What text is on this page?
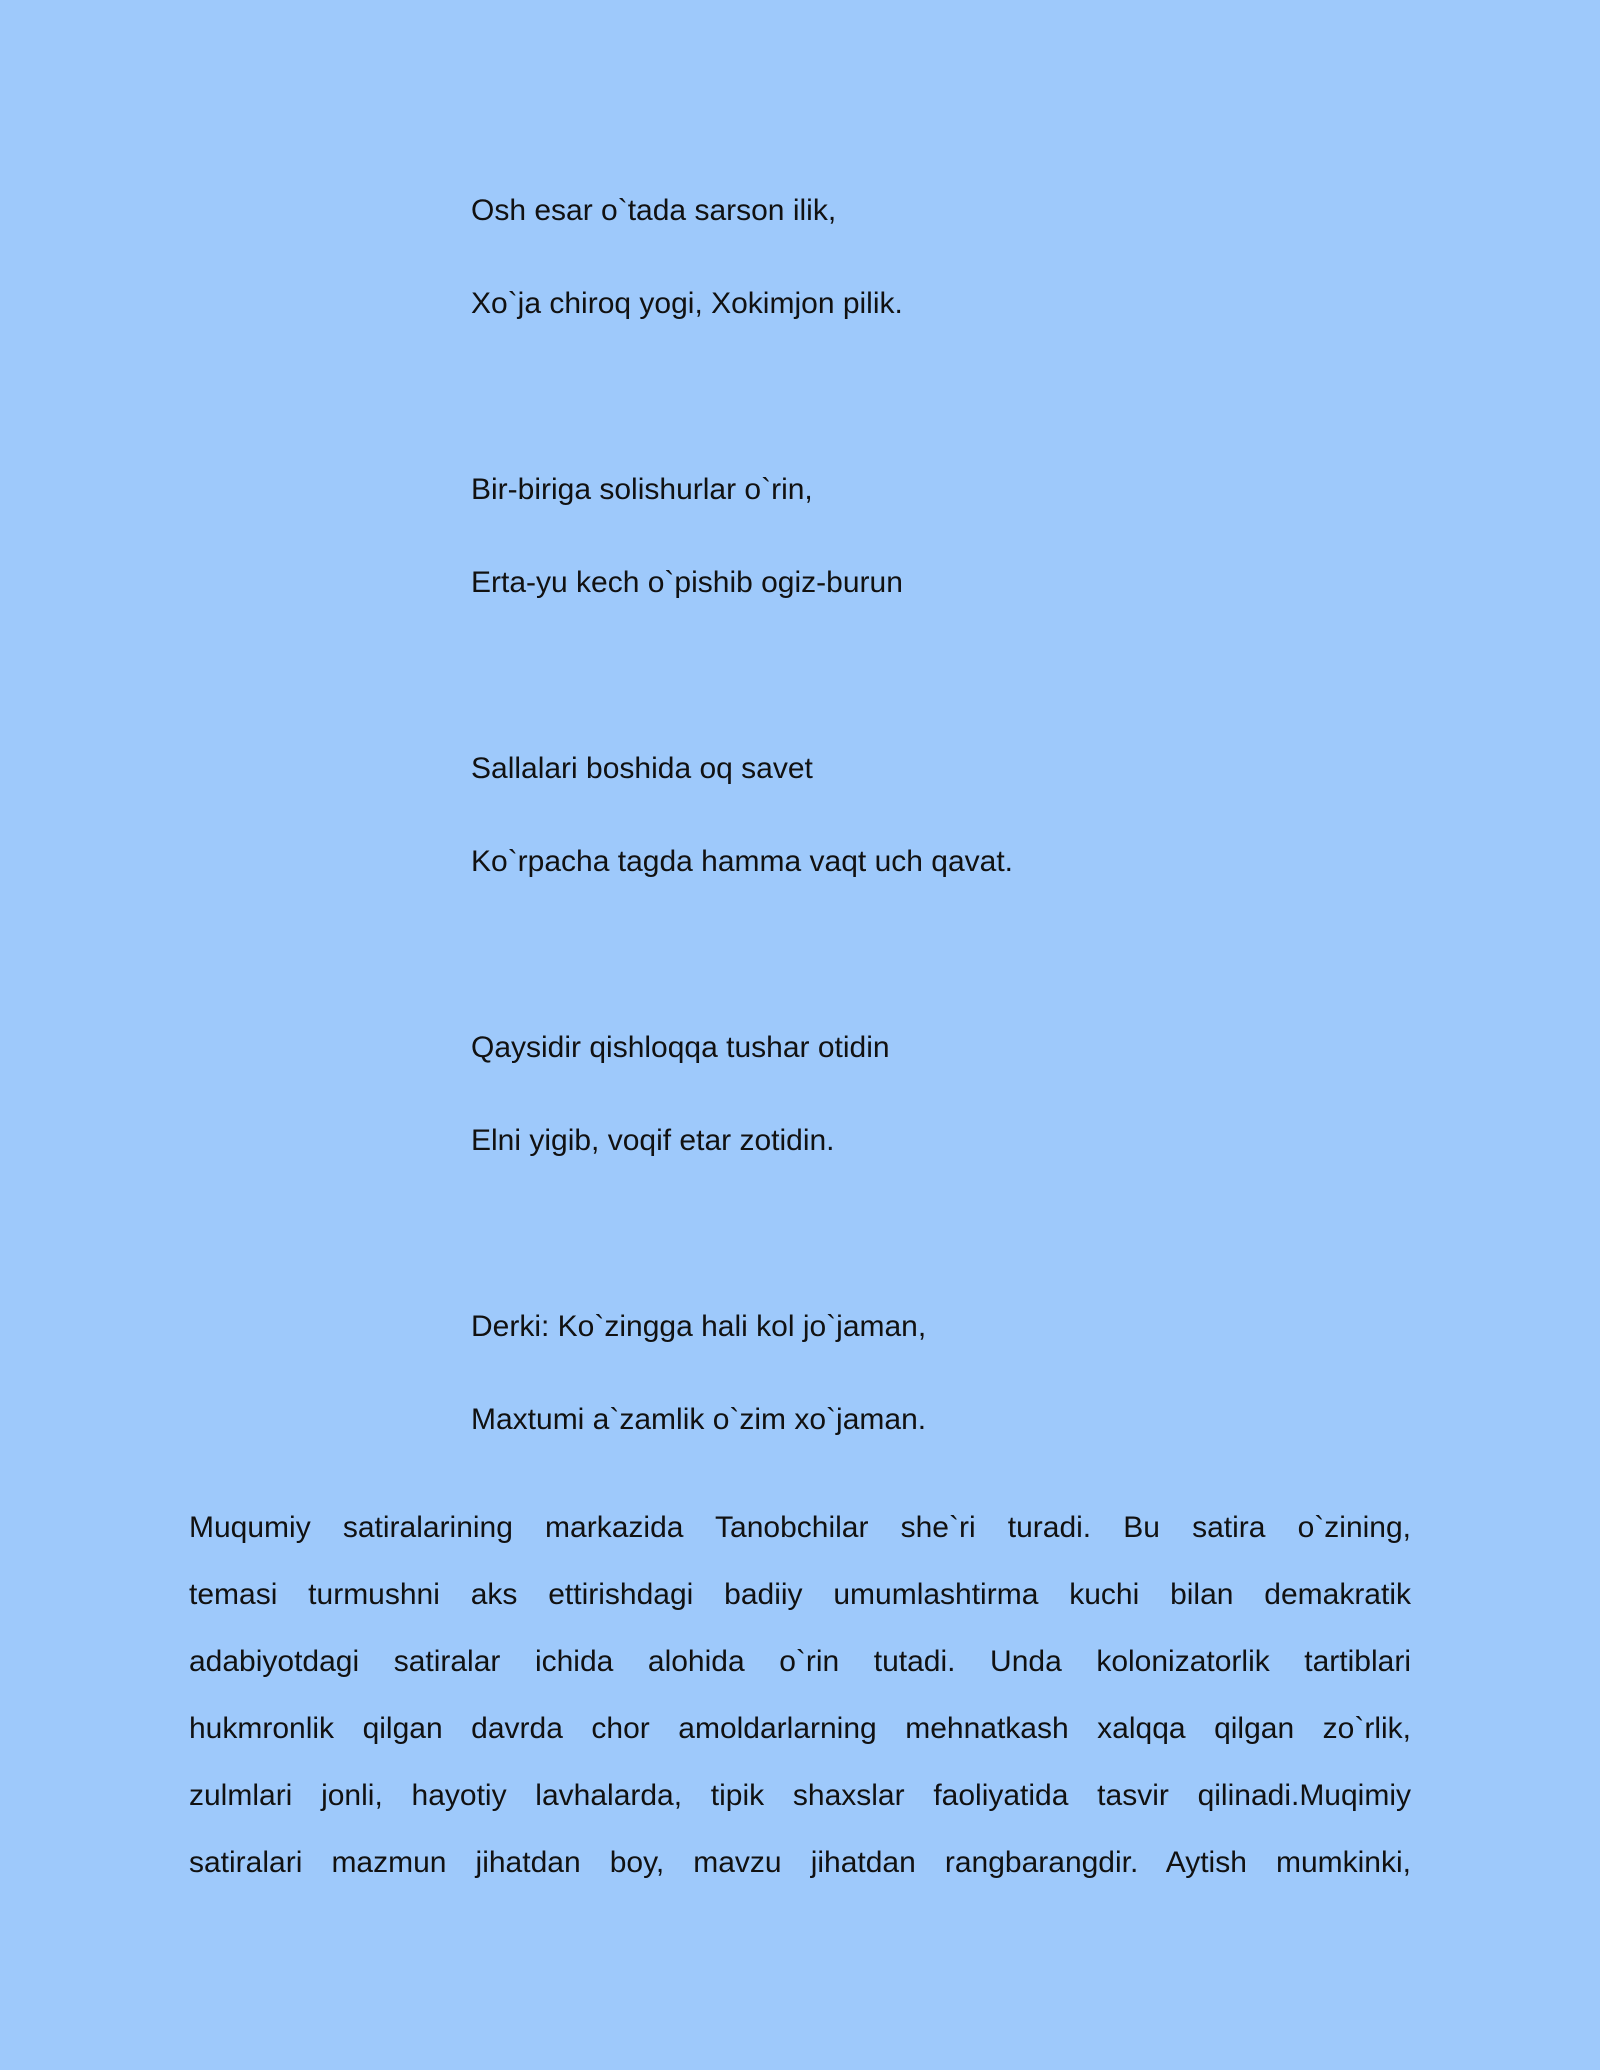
Osh esar o`tada sarson ilik,
Xo`ja chiroq yogi, Xokimjon pilik.
Bir-biriga solishurlar o`rin,
Erta-yu kech o`pishib ogiz-burun
Sallalari boshida oq savet
Ko`rpacha tagda hamma vaqt uch qavat.
Qaysidir qishloqqa tushar otidin
Elni yigib, voqif etar zotidin.
Derki: Ko`zingga hali kol jo`jaman,
Maxtumi a`zamlik o`zim xo`jaman.
Muqumiy satiralarining markazida Tanobchilar she`ri turadi. Bu satira o`zining,
temasi turmushni aks ettirishdagi badiiy umumlashtirma kuchi bilan demakratik
adabiyotdagi satiralar ichida alohida o`rin tutadi. Unda kolonizatorlik tartiblari
hukmronlik qilgan davrda chor amoldarlarning mehnatkash xalqqa qilgan zo`rlik,
zulmlari jonli, hayotiy lavhalarda, tipik shaxslar faoliyatida tasvir qilinadi.Muqimiy
satiralari mazmun jihatdan boy, mavzu jihatdan rangbarangdir. Aytish mumkinki,
